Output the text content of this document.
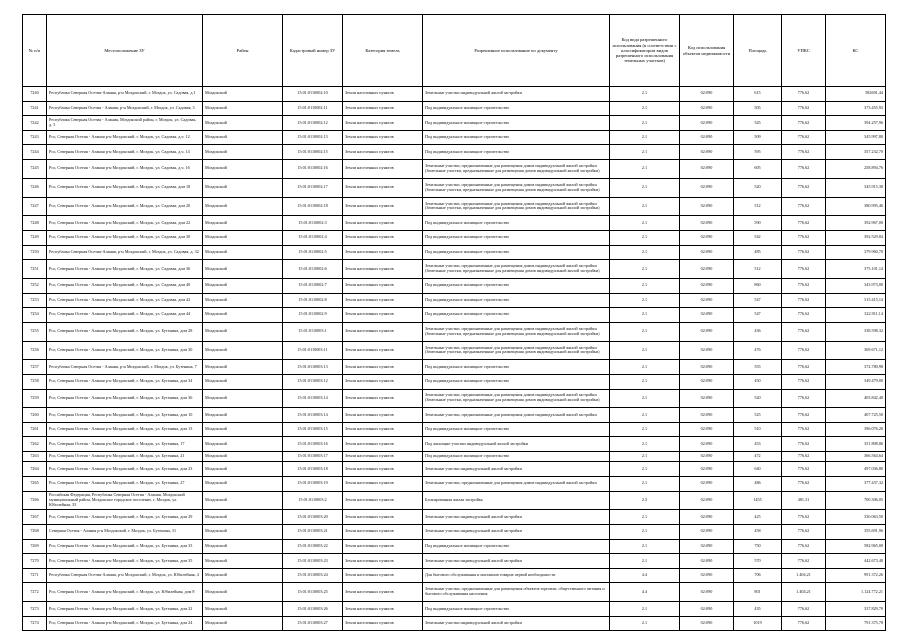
№ п/п	Местоположение ЗУ	Район	Кадастровый номер ЗУ	Категория земель	Разрешенное использование по документу	Код вида разрешенного использования (в соответствии с классификатором видов разрешенного использования земельных участков)	Код использования объектов недвижимости	Площадь	УПКС	КС
7240	Республика Северная Осетия-Алания, р-н Моздокский, г. Моздок, ул. Садовая, д.1	Моздокский	15:01:0110002:10	Земли населенных пунктов	Земельные участки индивидуальной жилой застройки	2.1	02:090	615	776,62	582691,44
7241	Республика Северная Осетия - Алания, р-н Моздокский, г. Моздок, ул. Садовая, 3	Моздокский	15:01:0110002:11	Земли населенных пунктов	Под индивидуальное жилищное строительство	2.1	02:090	505	776,62	373.455,93
7242	Республика Северная Осетия - Алания, Моздокский район, г. Моздок, ул. Садовая, д. 5	Моздокский	15:01:0110002:12	Земли населенных пунктов	Под индивидуальное жилищное строительство	2.1	02:090	545	776,62	394.257,96
7243	Рсо, Северная Осетия - Алания р-н Моздокский, г. Моздок, ул. Садовая, д.ч. 12	Моздокский	15:01:0110002:13	Земли населенных пунктов	Под индивидуальное жилищное строительство	2.1	02:090	509	776,62	345.997,80
7244	Рсо, Северная Осетия - Алания р-н Моздокский, г. Моздок, ул. Садовая, д.ч. 14	Моздокский	15:01:0110002:15	Земли населенных пунктов	Под индивидуальное жилищное строительство	2.1	02:090	595	776,62	357.232,70
7245	Рсо, Северная Осетия - Алания р-н Моздокский, г. Моздок, ул. Садовая, д.ч. 16	Моздокский	15:01:0110002:16	Земли населенных пунктов	Земельные участки, предназначенные для размещения домов индивидуальной жилой застройки (Земельные участки, предназначенные для размещения домов индивидуальной жилой застройки)	2.1	02:090	605	776,62	258.894,76
7246	Рсо, Северная Осетия - Алания р-н Моздокский, г. Моздок, ул. Садовая, дом 18	Моздокский	15:01:0110002:17	Земли населенных пунктов	Земельные участки, предназначенные для размещения домов индивидуальной жилой застройки (Земельные участки, предназначенные для размещения домов индивидуальной жилой застройки)	2.1	02:090	520	776,62	345.915,38
7247	Рсо, Северная Осетия - Алания р-н Моздокский, г. Моздок, ул. Садовая, дом 20	Моздокский	15:01:0110002:18	Земли населенных пунктов	Земельные участки, предназначенные для размещения домов индивидуальной жилой застройки (Земельные участки, предназначенные для размещения домов индивидуальной жилой застройки)	2.1	02:090	512	776,62	380.995,46
7248	Рсо, Северная Осетия - Алания р-н Моздокский, г. Моздок, ул. Садовая, дом 22	Моздокский	15:01:0110002:3	Земли населенных пунктов	Под индивидуальное жилищное строительство	2.1	02:090	590	776,62	392.967,00
7249	Рсо, Северная Осетия - Алания р-н Моздокский, г. Моздок, ул. Садовая, дом 30	Моздокский	15:01:0110002:4	Земли населенных пунктов	Под индивидуальное жилищное строительство	2.1	02:090	542	776,62	392.529,84
7250	Республика Северная Осетия-Алания, р-н Моздокский, г. Моздок, ул. Садовая, д. 32	Моздокский	15:01:0110002:5	Земли населенных пунктов	Под индивидуальное жилищное строительство	2.1	02:090	485	776,62	379.960,70
7251	Рсо, Северная Осетия - Алания р-н Моздокский, г. Моздок, ул. Садовая, дом 36	Моздокский	15:01:0110002:6	Земли населенных пунктов	Земельные участки, предназначенные для размещения домов индивидуальной жилой застройки (Земельные участки, предназначенные для размещения домов индивидуальной жилой застройки)	2.1	02:090	512	776,62	375.101,14
7252	Рсо, Северная Осетия - Алания р-н Моздокский, г. Моздок, ул. Садовая, дом 40	Моздокский	15:01:0110002:7	Земли населенных пунктов	Под индивидуальное жилищное строительство	2.1	02:090	860	776,62	343.973,00
7253	Рсо, Северная Осетия - Алания р-н Моздокский, г. Моздок, ул. Садовая, дом 42	Моздокский	15:01:0110002:8	Земли населенных пунктов	Под индивидуальное жилищное строительство	2.1	02:090	547	776,62	315.415,14
7254	Рсо, Северная Осетия - Алания р-н Моздокский, г. Моздок, ул. Садовая, дом 44	Моздокский	15:01:0110002:9	Земли населенных пунктов	Под индивидуальное жилищное строительство	2.1	02:090	547	776,62	322.911,14
7255	Рсо, Северная Осетия - Алания р-н Моздокский, г. Моздок, ул. Бутенина, дом 28	Моздокский	15:01:0110003:1	Земли населенных пунктов	Земельные участки, предназначенные для размещения домов индивидуальной жилой застройки (Земельные участки, предназначенные для размещения домов индивидуальной жилой застройки)	2.1	02:090	436	776,62	338.598,32
7256	Рсо, Северная Осетия - Алания р-н Моздокский, г. Моздок, ул. Бутенина, дом 30	Моздокский	15:01:0110003:11	Земли населенных пунктов	Земельные участки, предназначенные для размещения домов индивидуальной жилой застройки (Земельные участки, предназначенные для размещения домов индивидуальной жилой застройки)	2.1	02:090	476	776,62	369.671,12
7257	Республика Северная Осетия - Алания, р-н Моздокский, г. Моздок, ул. Бутенина, 7	Моздокский	15:01:0110003:13	Земли населенных пунктов	Под индивидуальное жилищное строительство	2.1	02:090	555	776,62	372.780,98
7258	Рсо, Северная Осетия - Алания р-н Моздокский, г. Моздок, ул. Бутенина, дом 34	Моздокский	15:01:0110003:12	Земли населенных пунктов	Под индивидуальное жилищное строительство	2.1	02:090	450	776,62	349.479,00
7259	Рсо, Северная Осетия - Алания р-н Моздокский, г. Моздок, ул. Бутенина, дом 36	Моздокский	15:01:0110003:14	Земли населенных пунктов	Земельные участки, предназначенные для размещения домов индивидуальной жилой застройки (Земельные участки, предназначенные для размещения домов индивидуальной жилой застройки)	2.1	02:090	520	776,62	403.842,40
7260	Рсо, Северная Осетия - Алания р-н Моздокский, г. Моздок, ул. Бутенина, дом 10	Моздокский	15:01:0110003:14	Земли населенных пунктов	Земельные участки, предназначенные для размещения домов индивидуальной жилой застройки	2.1	02:090	525	776,62	407.725,50
7261	Рсо, Северная Осетия - Алания р-н Моздокский, г. Моздок, ул. Бутенина, дом 13	Моздокский	15:01:0110003:15	Земли населенных пунктов	Под индивидуальное жилищное строительство	2.1	02:090	510	776,62	396.076,20
7262	Рсо, Северная Осетия - Алания р-н Моздокский, г. Моздок, ул. Бутенина, 17	Моздокский	15:01:0110003:16	Земли населенных пунктов	Под жилищно-участки индивидуальной жилой застройки	2.1	02:090	453	776,62	351.808,86
7263	Рсо, Северная Осетия - Алания р-н Моздокский, г. Моздок, ул. Бутенина, 21	Моздокский	15:01:0110003:17	Земли населенных пунктов	Под индивидуальное жилищное строительство	2.1	02:090	472	776,62	366.564,64
7264	Рсо, Северная Осетия - Алания р-н Моздокский, г. Моздок, ул. Бутенина, дом 23	Моздокский	15:01:0110003:18	Земли населенных пунктов	Земельные участки индивидуальной жилой застройки	2.1	02:090	640	776,62	497.036,80
7265	Рсо, Северная Осетия - Алания р-н Моздокский, г. Моздок, ул. Бутенина, 27	Моздокский	15:01:0110003:19	Земли населенных пунктов	Земельные участки, предназначенные для размещения домов индивидуальной жилой застройки	2.1	02:090	486	776,62	377.437,32
7266	Российская Федерация, Республика Северная Осетия - Алания, Моздокский муниципальный район, Моздокское городское поселение, г. Моздок, ул. Юбилейная, 33	Моздокский	15:01:0110003:2	Земли населенных пунктов	Блокированная жилая застройка	2.3	02:090	1455	481,31	700.306,05
7267	Рсо, Северная Осетия - Алания р-н Моздокский, г. Моздок, ул. Бутенина, дом 29	Моздокский	15:01:0110003:20	Земли населенных пунктов	Земельные участки индивидуальной жилой застройки	2.1	02:090	425	776,62	330.063,50
7268	Северная Осетия - Алания р-н Моздокский, г. Моздок, ул. Бутенина, 31	Моздокский	15:01:0110003:21	Земли населенных пунктов	Земельные участки индивидуальной жилой застройки	2.1	02:090	458	776,62	355.691,96
7269	Рсо, Северная Осетия - Алания р-н Моздокский, г. Моздок, ул. Бутенина, дом 33	Моздокский	15:01:0110003:22	Земли населенных пунктов	Под индивидуальное жилищное строительство	2.1	02:090	750	776,62	582.965,00
7270	Рсо, Северная Осетия - Алания р-н Моздокский, г. Моздок, ул. Бутенина, дом 35	Моздокский	15:01:0110003:23	Земли населенных пунктов	Земельные участки индивидуальной жилой застройки	2.1	02:090	570	776,62	442.673,40
7271	Республика Северная Осетия-Алания, р-н Моздокский, г. Моздок, ул. Юбилейная, 4	Моздокский	15:01:0110003:24	Земли населенных пунктов	Для бытового обслуживания и магазинов товаров первой необходимости	4.4	02:090	706	1.404,21	991.372,26
7272	Рсо, Северная Осетия - Алания р-н Моздокский, г. Моздок, ул. Юбилейная, дом 8	Моздокский	15:01:0110003:25	Земли населенных пунктов	Земельные участки, предназначенные для размещения объектов торговли, общественного питания и бытового обслуживания населения	4.4	02:090	801	1.404,21	1.124.772,21
7273	Рсо, Северная Осетия - Алания р-н Моздокский, г. Моздок, ул. Бутенина, дом 22	Моздокский	15:01:0110003:26	Земли населенных пунктов	Под индивидуальное жилищное строительство	2.1	02:090	435	776,62	337.829,70
7274	Рсо, Северная Осетия - Алания р-н Моздокский, г. Моздок, ул. Бутенина, дом 24	Моздокский	15:01:0110003:27	Земли населенных пунктов	Земельные участки индивидуальной жилой застройки	2.1	02:090	1019	776,62	791.375,78
